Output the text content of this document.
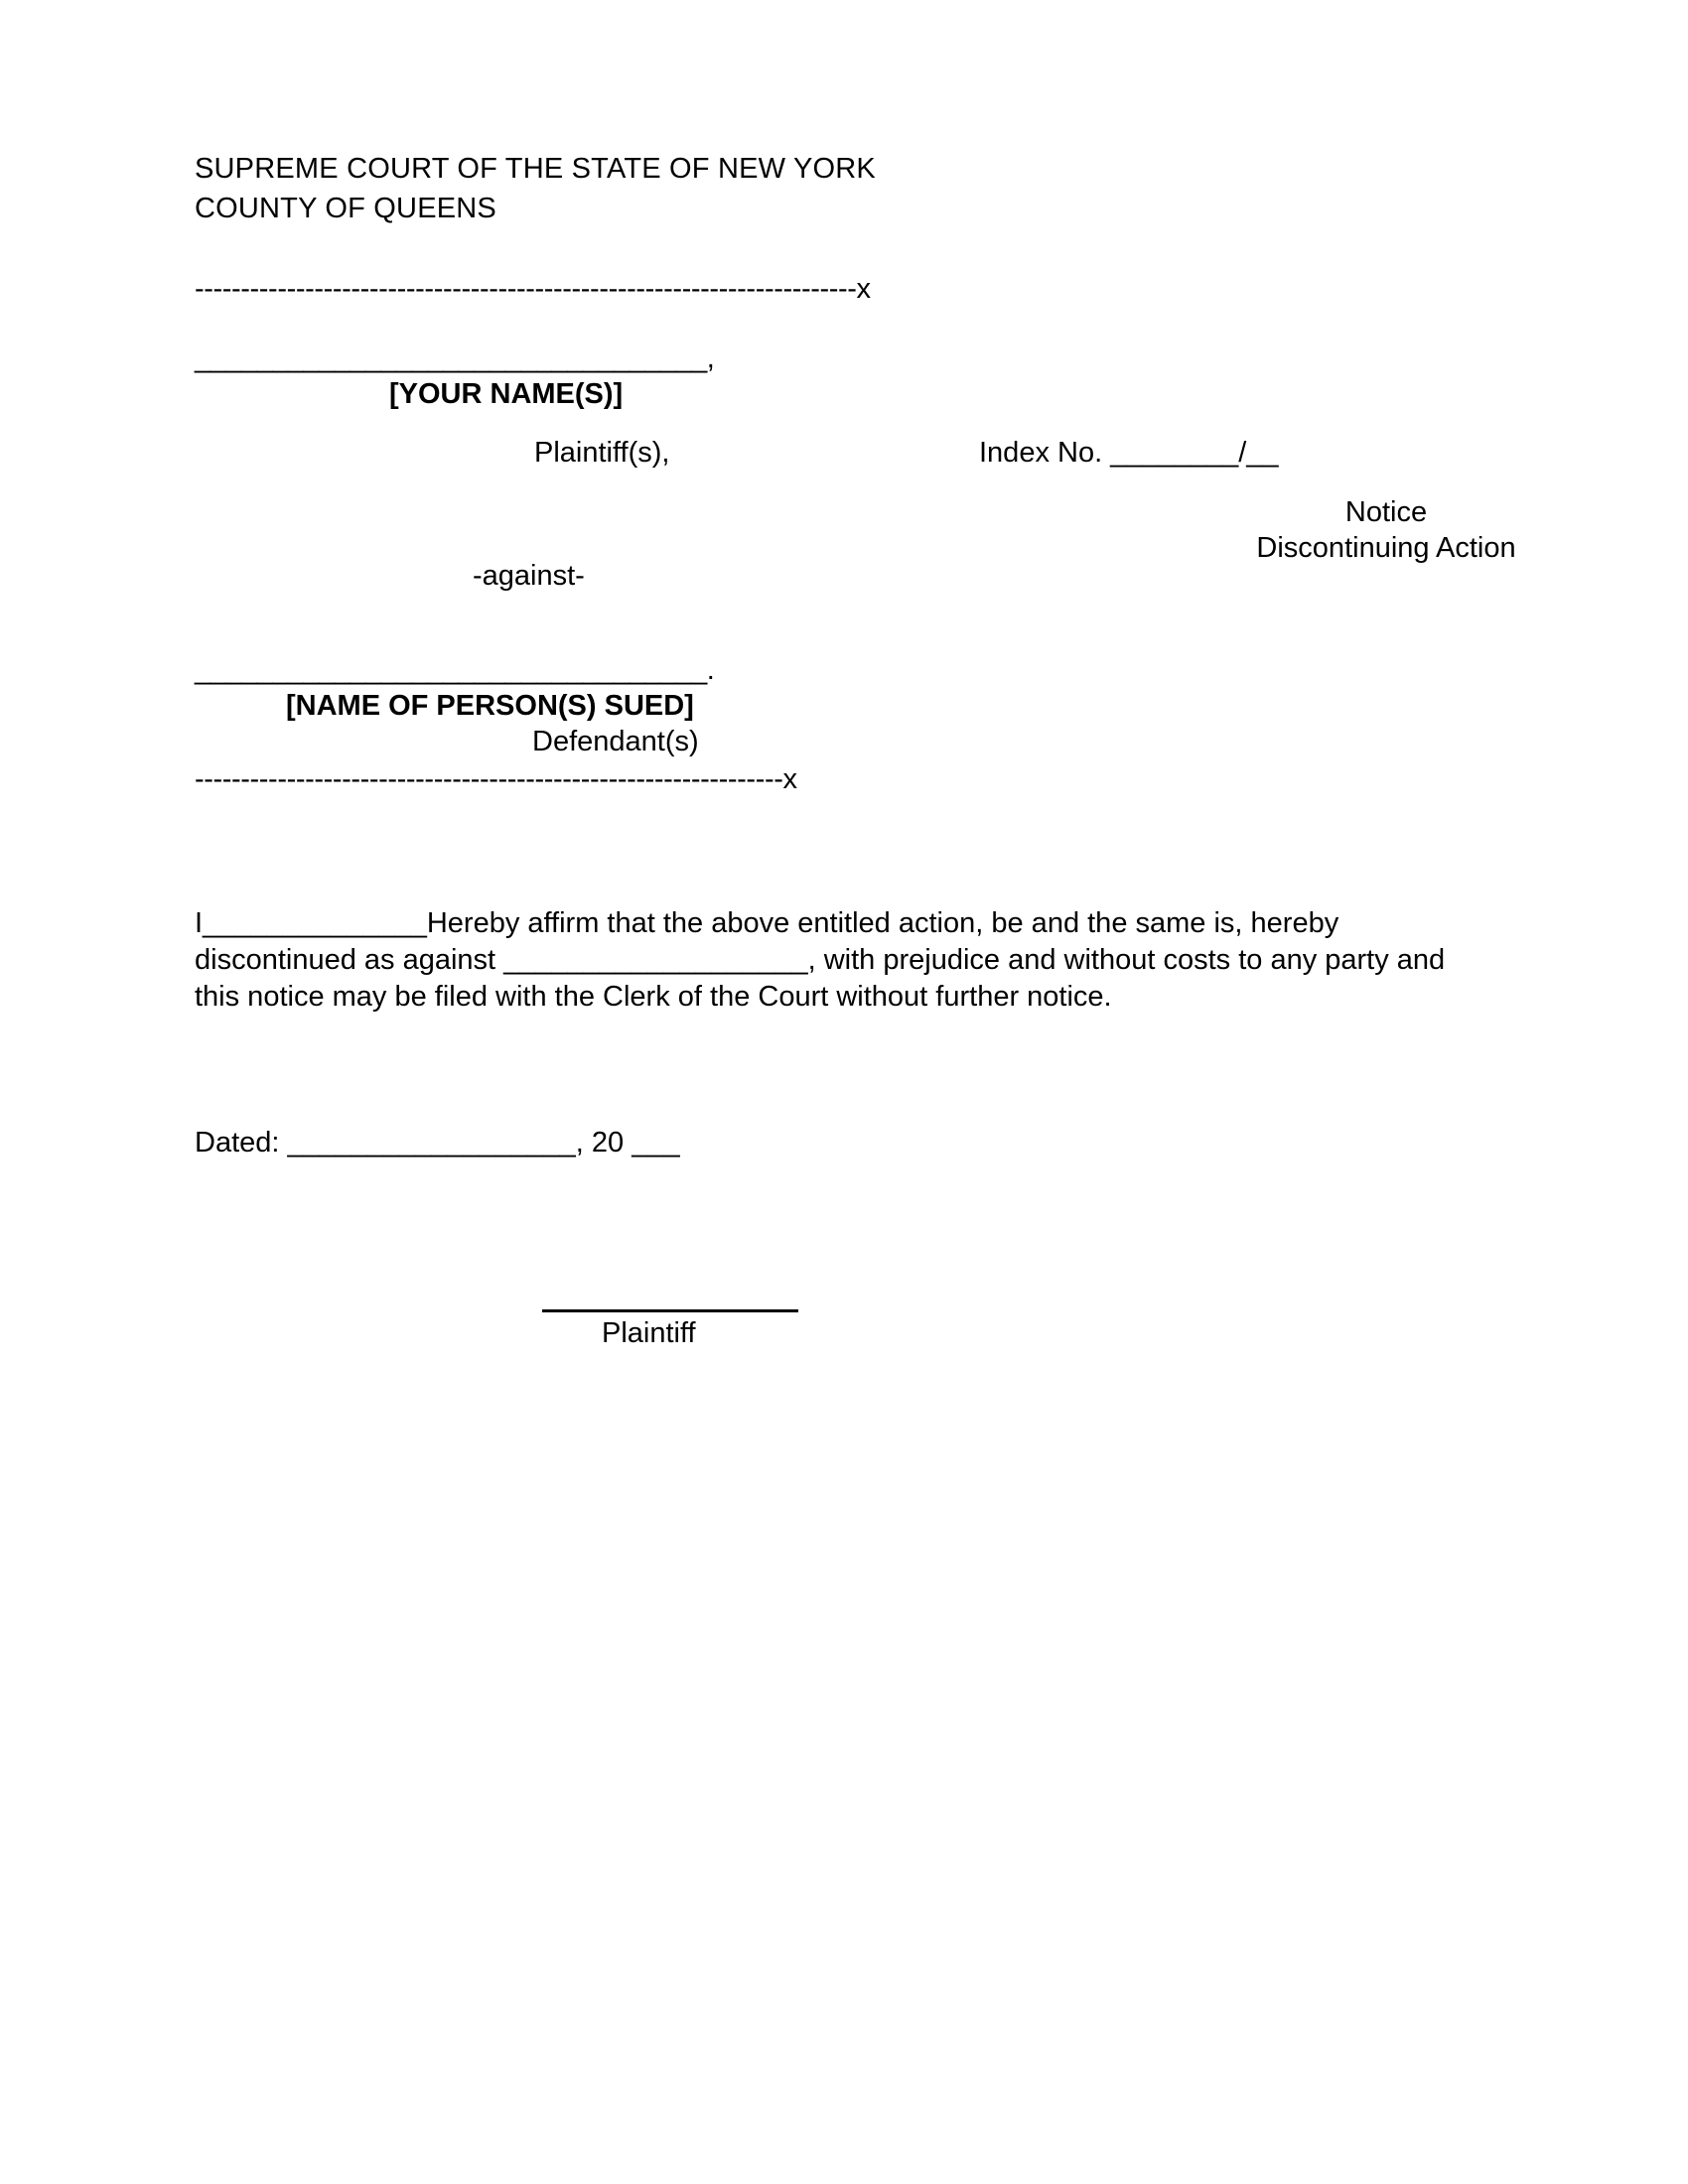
SUPREME COURT OF THE STATE OF NEW YORK
COUNTY OF QUEENS
------------------------------------------------------------------------x
_________________________________,
[YOUR NAME(S)]
Plaintiff(s),	Index No. ________/__
Notice
Discontinuing Action
-against-
_________________________________.
[NAME OF PERSON(S) SUED]
Defendant(s)
----------------------------------------------------------------x
I______________Hereby affirm that the above entitled action, be and the same is, hereby discontinued as against ___________________, with prejudice and without costs to any party and this notice may be filed with the Clerk of the Court without further notice.
Dated: __________________, 20 ___
Plaintiff
